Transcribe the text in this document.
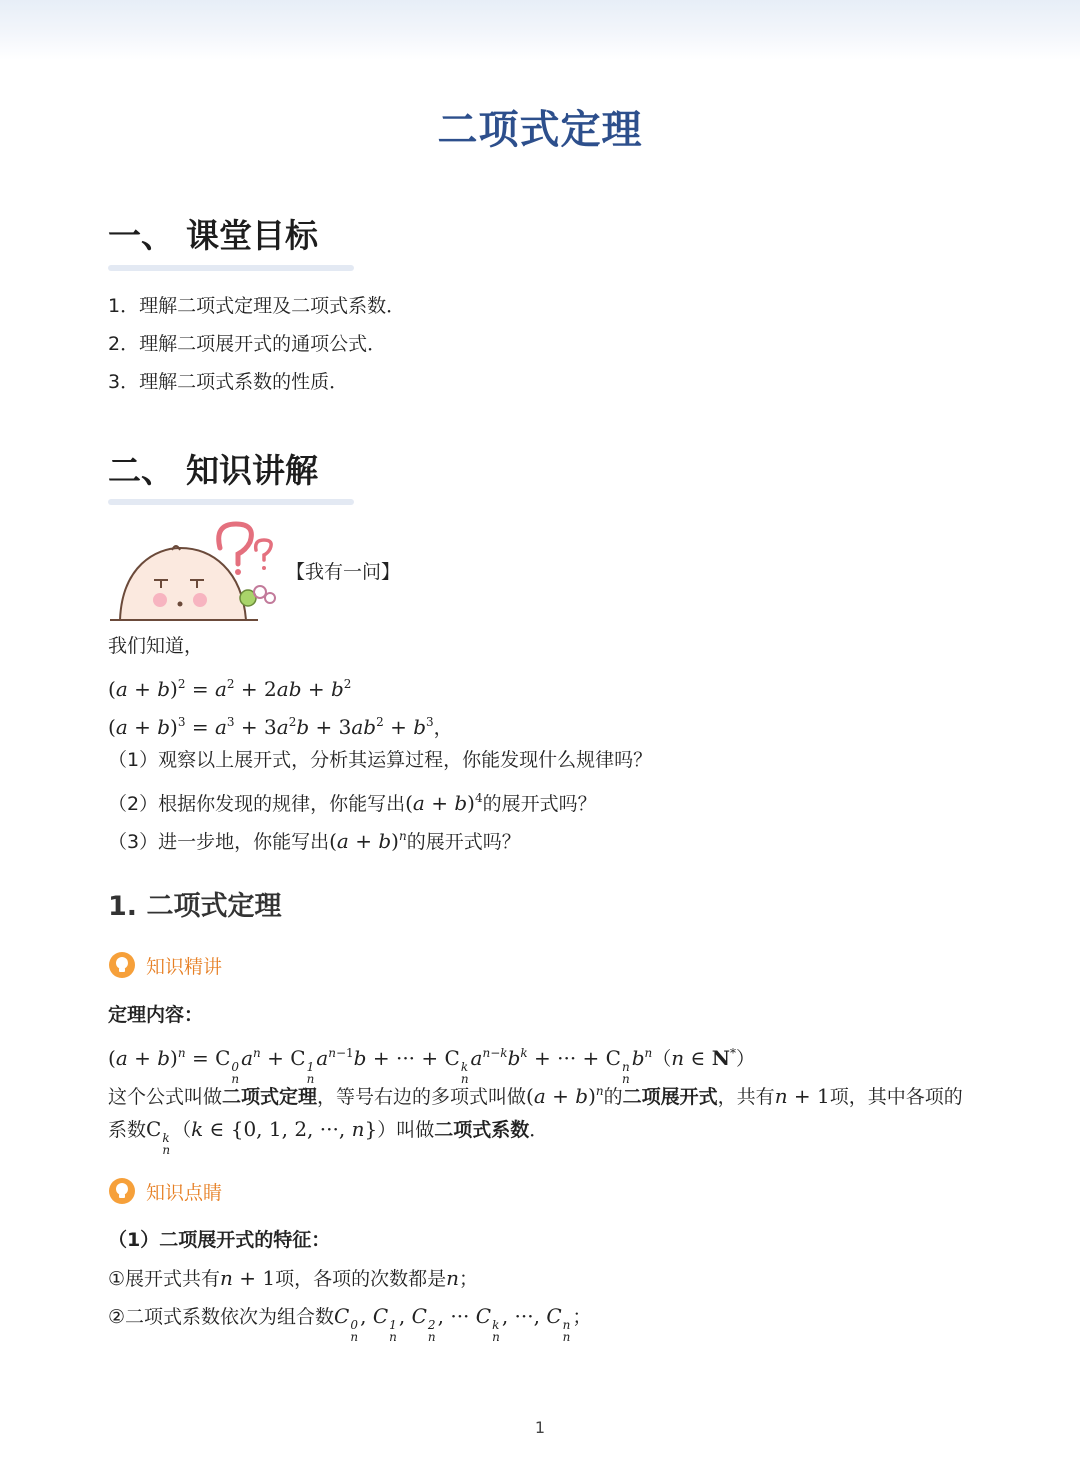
二项式定理
一、 课堂目标
1．理解二项式定理及二项式系数．
2．理解二项展开式的通项公式．
3．理解二项式系数的性质．
二、 知识讲解
【我有一问】
我们知道，
$(a + b)^2 = a^2 + 2ab + b^2$
$(a + b)^3 = a^3 + 3a^2b + 3ab^2 + b^3$，
（1）观察以上展开式，分析其运算过程，你能发现什么规律吗？
（2）根据你发现的规律，你能写出$(a + b)^4$的展开式吗？
（3）进一步地，你能写出$(a + b)^n$的展开式吗？
1. 二项式定理
知识精讲
定理内容：
$(a + b)^n = C$ 0
n
$a^n + C$ 1
n
$a^{n-1}b$ + ··· + C k
n
$a^{n-k}b^k$ + ··· + C n
n
$b^n(n$ ∈ N*）
这个公式叫做二项式定理，等号右边的多项式叫做$(a + b)^n$的二项展开式，共有n + 1项，其中各项的
系数C k
n
（k ∈ {0, 1, 2, ···, n}）叫做二项式系数．
知识点睛
（1）二项展开式的特征：
①展开式共有n + 1项，各项的次数都是n；
②二项式系数依次为组合数C 0
n
, C 1
n
, C 2
n
, ··· C k
n
, ···, C n
n
；
1
